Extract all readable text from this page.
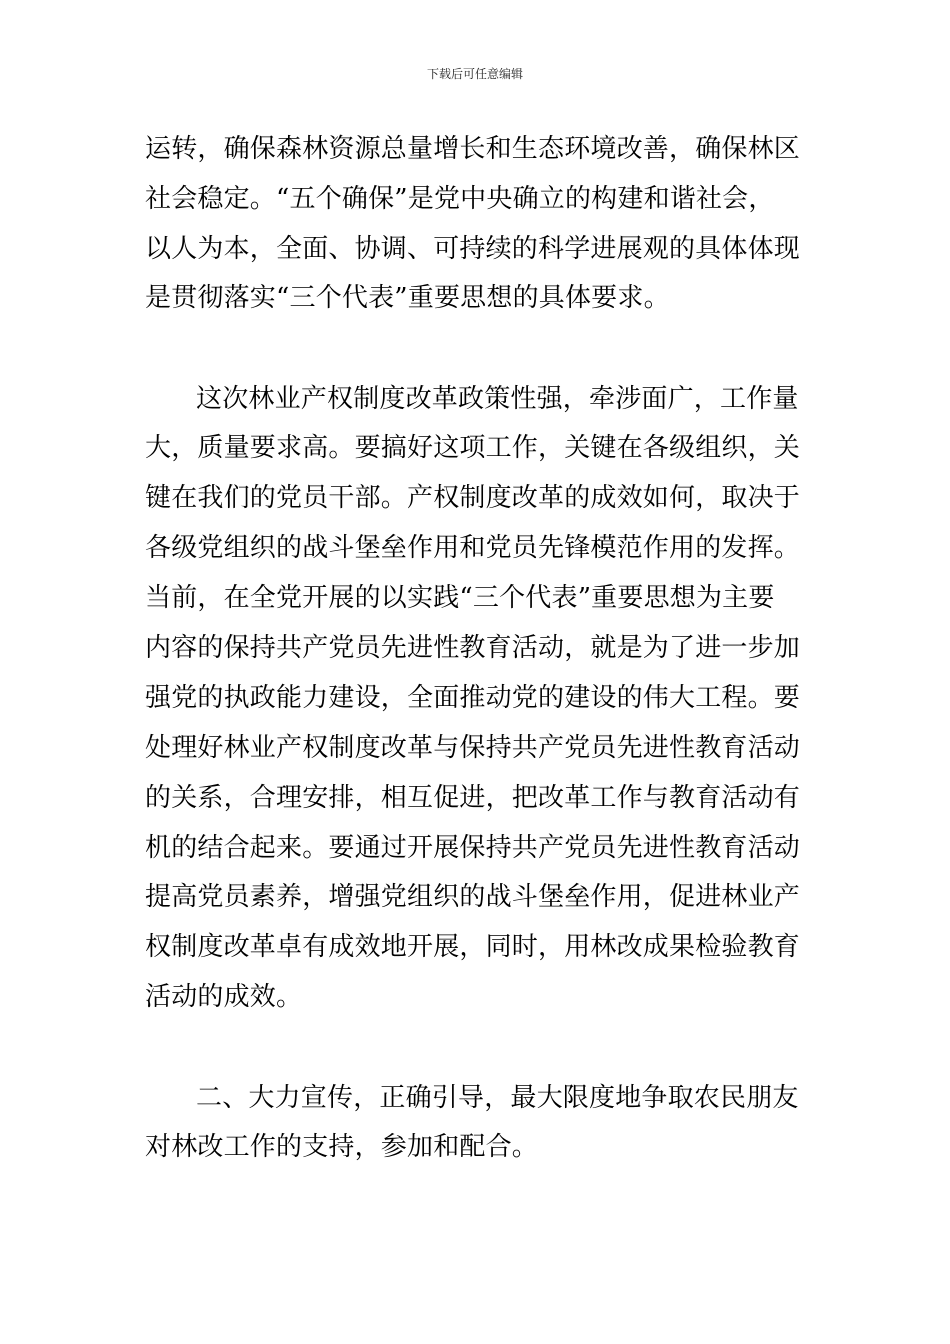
下载后可任意编辑
运转，确保森林资源总量增长和生态环境改善，确保林区
社会稳定。“五个确保”是党中央确立的构建和谐社会，
以人为本，全面、协调、可持续的科学进展观的具体体现
是贯彻落实“三个代表”重要思想的具体要求。
这次林业产权制度改革政策性强，牵涉面广，工作量
大，质量要求高。要搞好这项工作，关键在各级组织，关
键在我们的党员干部。产权制度改革的成效如何，取决于
各级党组织的战斗堡垒作用和党员先锋模范作用的发挥。
当前，在全党开展的以实践“三个代表”重要思想为主要
内容的保持共产党员先进性教育活动，就是为了进一步加
强党的执政能力建设，全面推动党的建设的伟大工程。要
处理好林业产权制度改革与保持共产党员先进性教育活动
的关系，合理安排，相互促进，把改革工作与教育活动有
机的结合起来。要通过开展保持共产党员先进性教育活动
提高党员素养，增强党组织的战斗堡垒作用，促进林业产
权制度改革卓有成效地开展，同时，用林改成果检验教育
活动的成效。
二、大力宣传，正确引导，最大限度地争取农民朋友
对林改工作的支持，参加和配合。
